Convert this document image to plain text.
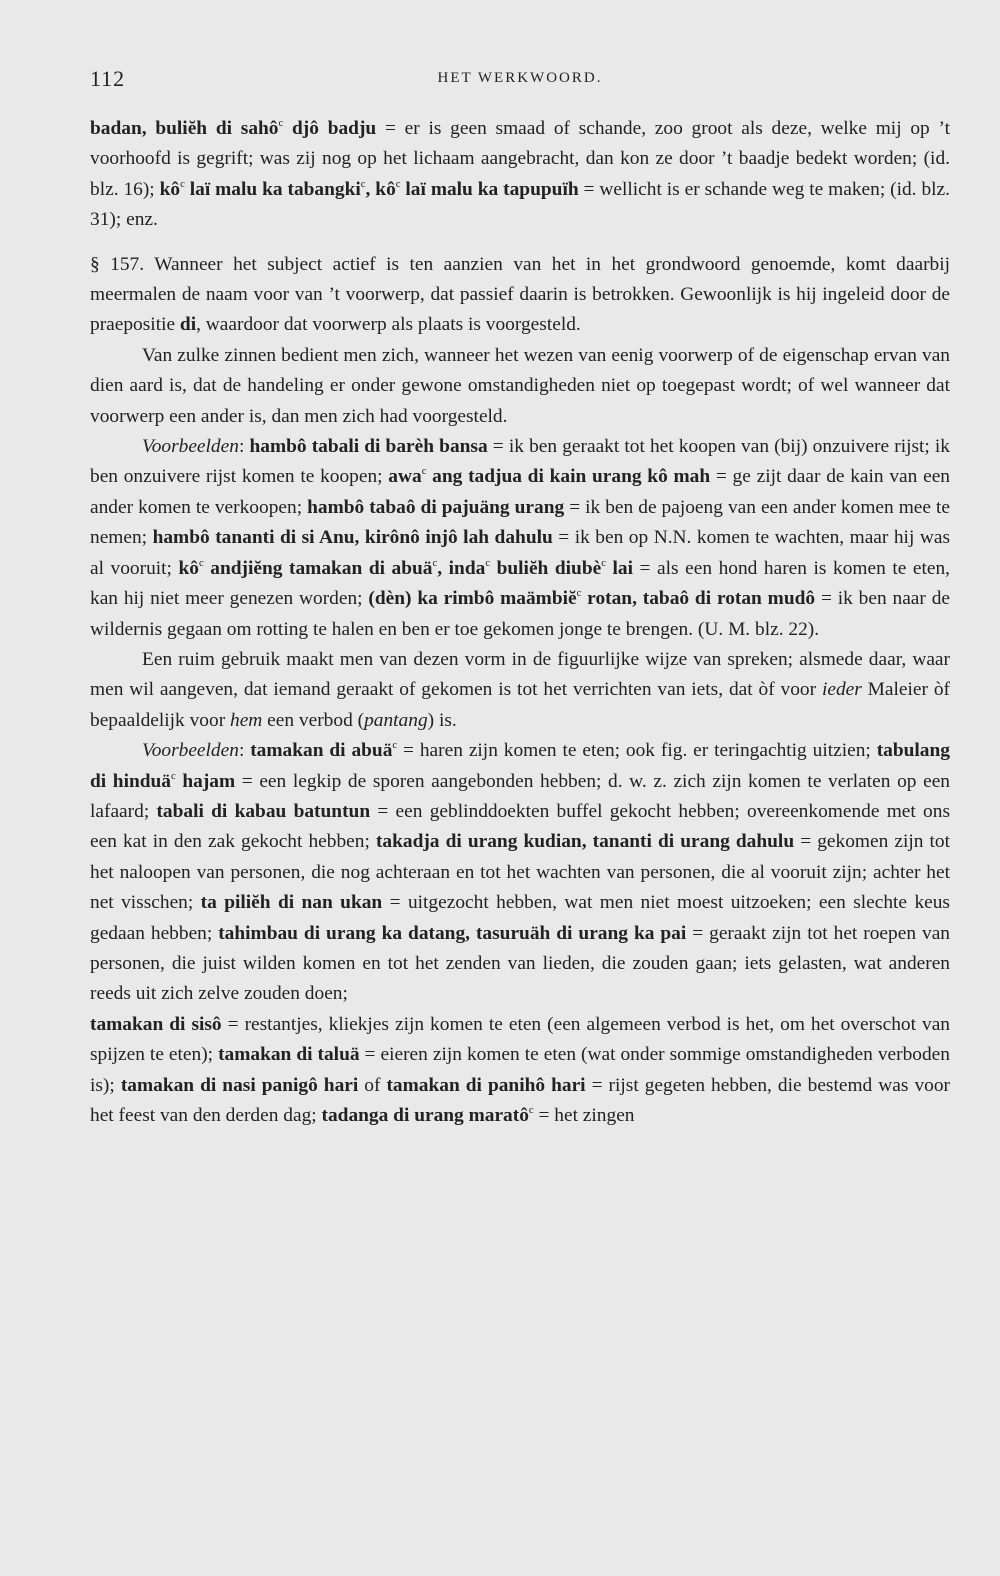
112	HET WERKWOORD.

badan, buliĕh di sahô$^c$ djô badju = er is geen smaad of schande, zoo groot als deze, welke mij op ’t voorhoofd is gegrift; was zij nog op het lichaam aangebracht, dan kon ze door ’t baadje bedekt worden; (id. blz. 16); $kô^c$ laï malu ka tabangki$^c$, $kô^c$ laï malu ka tapupuïh = wellicht is er schande weg te maken; (id. blz. 31); enz.

§ 157. Wanneer het subject actief is ten aanzien van het in het grondwoord genoemde, komt daarbij meermalen de naam voor van ’t voorwerp, dat passief daarin is betrokken. Gewoonlijk is hij ingeleid door de praepositie di, waardoor dat voorwerp als plaats is voorgesteld.

Van zulke zinnen bedient men zich, wanneer het wezen van eenig voorwerp of de eigenschap ervan van dien aard is, dat de handeling er onder gewone omstandigheden niet op toegepast wordt; of wel wanneer dat voorwerp een ander is, dan men zich had voorgesteld.

Voorbeelden: hambô tabali di barèh bansa = ik ben geraakt tot het koopen van (bij) onzuivere rijst; ik ben onzuivere rijst komen te koopen; awa$^c$ ang tadjua di kain urang kô mah = ge zijt daar de kain van een ander komen te verkoopen; hambô tabaô di pajuäng urang = ik ben de pajoeng van een ander komen mee te nemen; hambô tananti di si Anu, kirônô injô lah dahulu = ik ben op N.N. komen te wachten, maar hij was al vooruit; $kô^c$ andjiĕng tamakan di abuä$^c$, inda$^c$ buliĕh diubè$^c$ lai = als een hond haren is komen te eten, kan hij niet meer genezen worden; (dèn) ka rimbô maämbiĕ$^c$ rotan, tabaô di rotan mudô = ik ben naar de wildernis gegaan om rotting te halen en ben er toe gekomen jonge te brengen. (U. M. blz. 22).

Een ruim gebruik maakt men van dezen vorm in de figuurlijke wijze van spreken; alsmede daar, waar men wil aangeven, dat iemand geraakt of gekomen is tot het verrichten van iets, dat òf voor ieder Maleier òf bepaaldelijk voor hem een verbod (pantang) is.

Voorbeelden: tamakan di abuä$^c$ = haren zijn komen te eten; ook fig. er teringachtig uitzien; tabulang di hinduä$^c$ hajam = een legkip de sporen aangebonden hebben; d. w. z. zich zijn komen te verlaten op een lafaard; tabali di kabau batuntun = een geblinddoekten buffel gekocht hebben; overeenkomende met ons een kat in den zak gekocht hebben; takadja di urang kudian, tananti di urang dahulu = gekomen zijn tot het naloopen van personen, die nog achteraan en tot het wachten van personen, die al vooruit zijn; achter het net visschen; ta piliĕh di nan ukan = uitgezocht hebben, wat men niet moest uitzoeken; een slechte keus gedaan hebben; tahimbau di urang ka datang, tasuruäh di urang ka pai = geraakt zijn tot het roepen van personen, die juist wilden komen en tot het zenden van lieden, die zouden gaan; iets gelasten, wat anderen reeds uit zich zelve zouden doen;

tamakan di sisô = restantjes, kliekjes zijn komen te eten (een algemeen verbod is het, om het overschot van spijzen te eten); tamakan di taluä = eieren zijn komen te eten (wat onder sommige omstandigheden verboden is); tamakan di nasi panigô hari of tamakan di panihô hari = rijst gegeten hebben, die bestemd was voor het feest van den derden dag; tadanga di urang maratô$^c$ = het zingen
